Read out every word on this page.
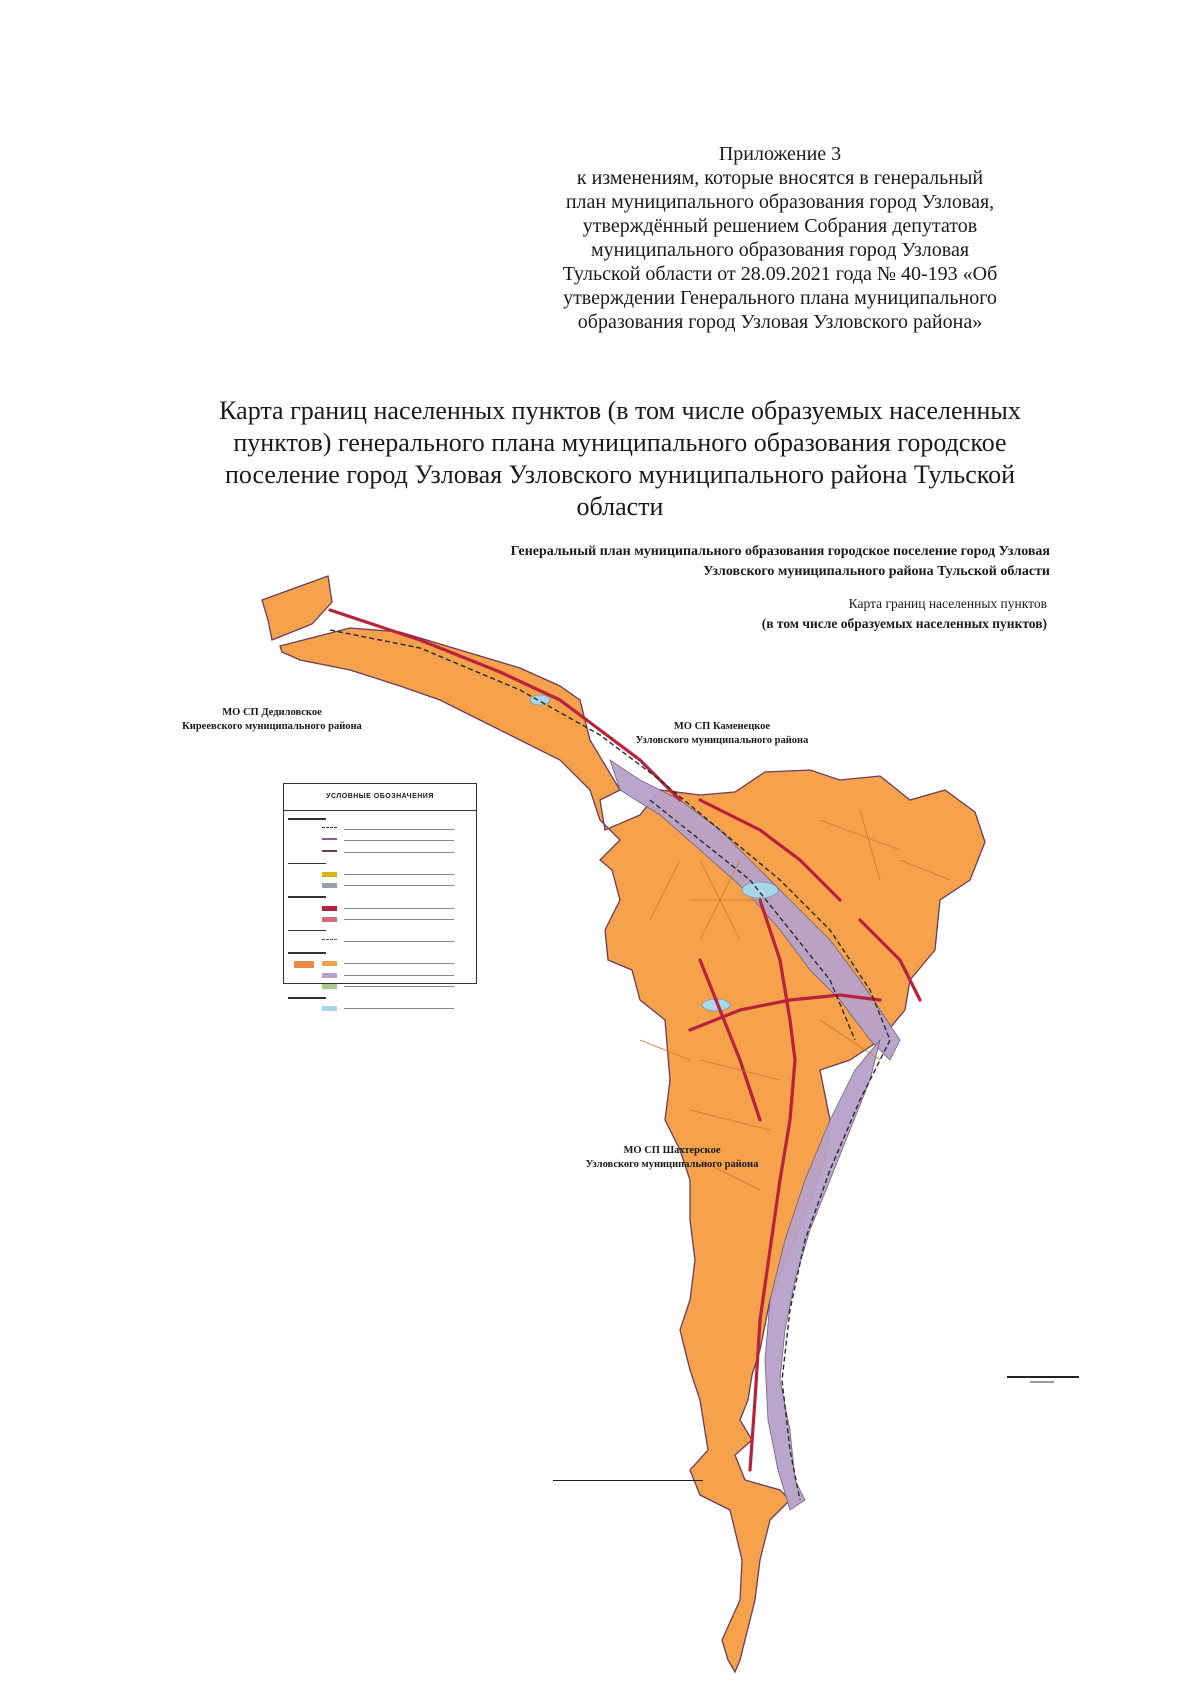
Приложение 3
к изменениям, которые вносятся в генеральный
план муниципального образования город Узловая,
утверждённый решением Собрания депутатов
муниципального образования город Узловая
Тульской области от 28.09.2021 года № 40-193 «Об
утверждении Генерального плана муниципального
образования город Узловая Узловского района»
Карта границ населенных пунктов (в том числе образуемых населенных
пунктов) генерального плана муниципального образования городское
поселение город Узловая Узловского муниципального района Тульской
области
Генеральный план муниципального образования городское поселение город Узловая
Узловского муниципального района Тульской области
Карта границ населенных пунктов
(в том числе образуемых населенных пунктов)
МО СП Дедиловское
Киреевского муниципального района	МО СП Каменецкое
Узловского муниципального района
МО СП Шахтерское
Узловского муниципального района
УСЛОВНЫЕ ОБОЗНАЧЕНИЯ
